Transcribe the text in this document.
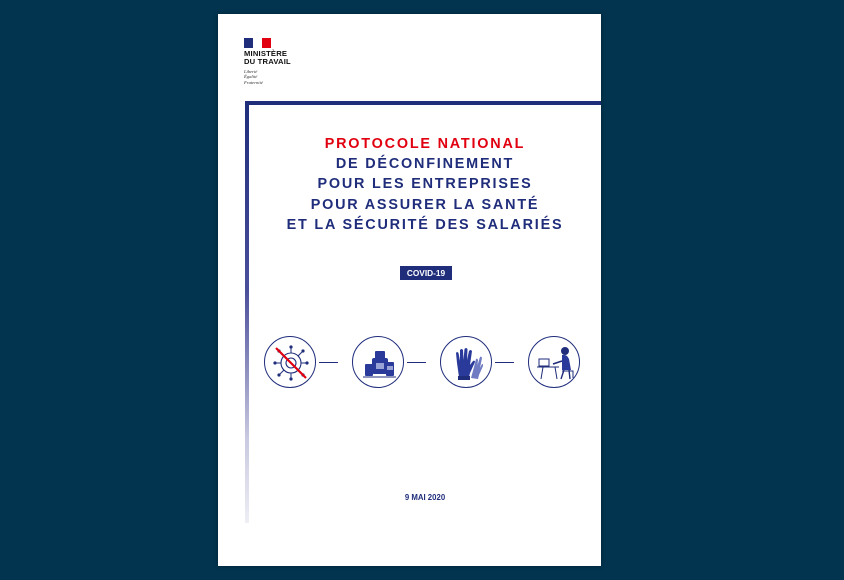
MINISTÈRE
DU TRAVAIL
Liberté
Égalité
Fraternité
PROTOCOLE NATIONAL
DE DÉCONFINEMENT
POUR LES ENTREPRISES
POUR ASSURER LA SANTÉ
ET LA SÉCURITÉ DES SALARIÉS
COVID-19
9 MAI 2020
